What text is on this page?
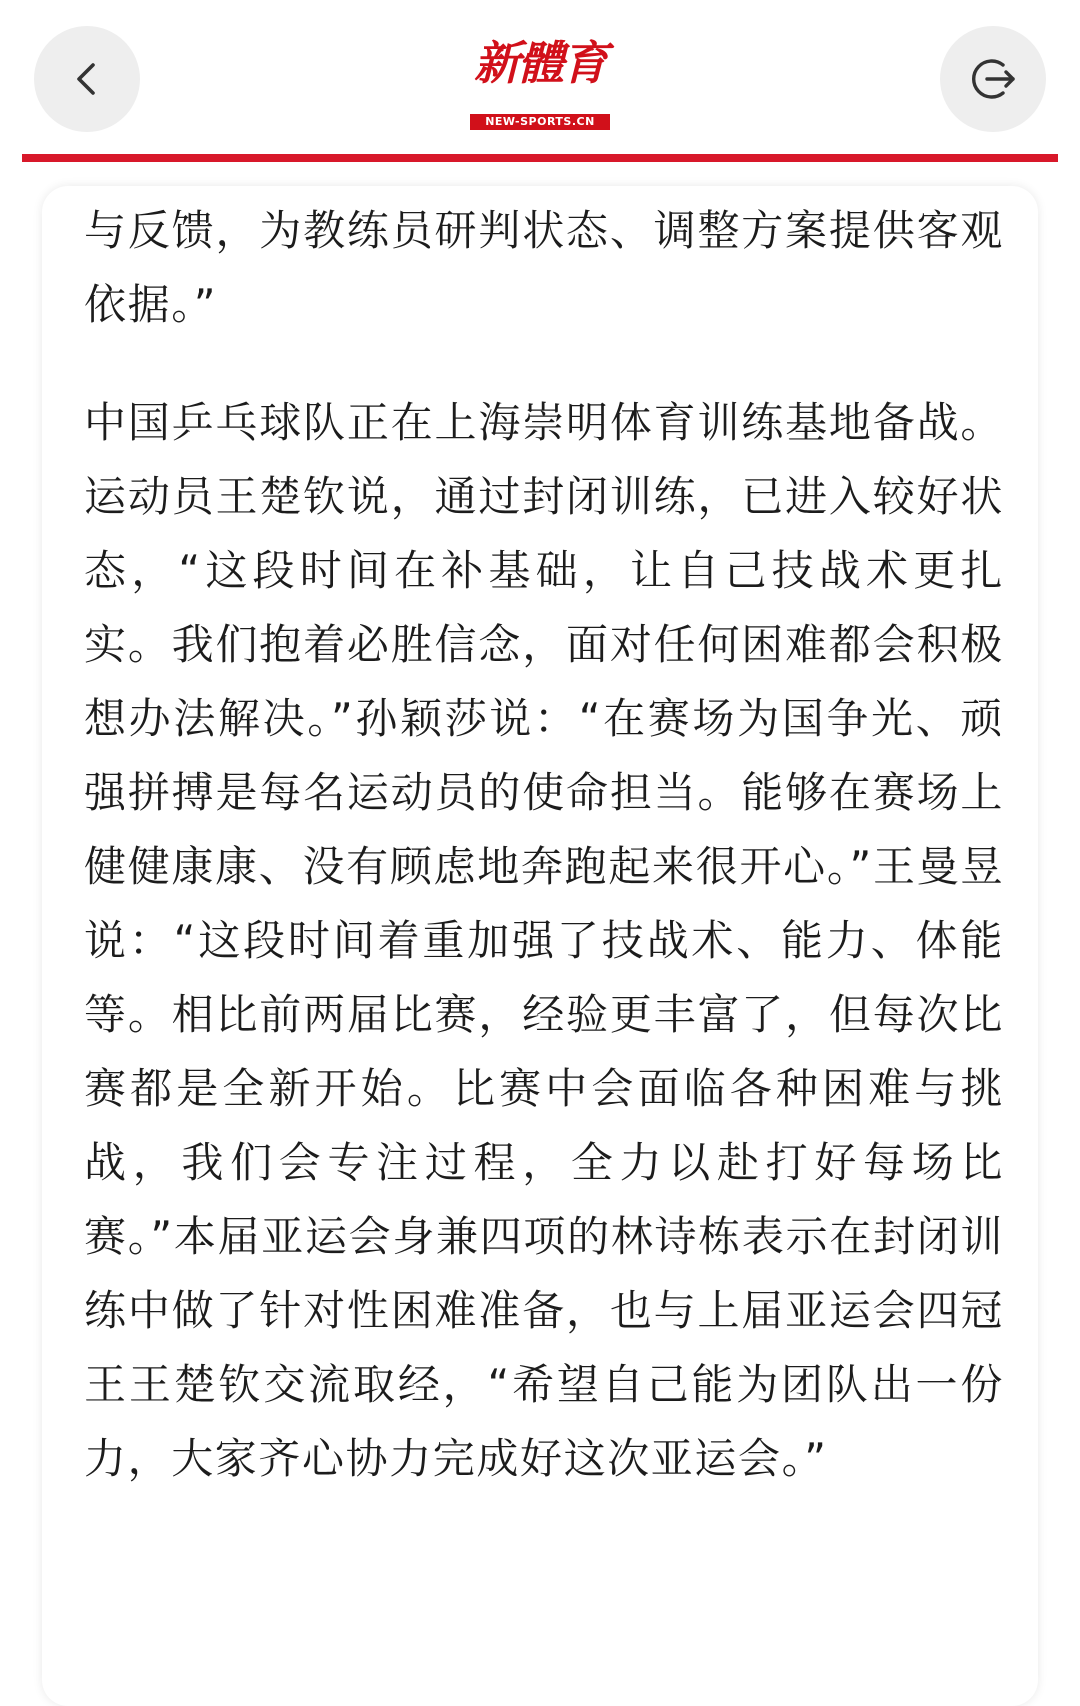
新體育
NEW-SPORTS.CN

与反馈，为教练员研判状态、调整方案提供客观依据。”

中国乒乓球队正在上海崇明体育训练基地备战。运动员王楚钦说，通过封闭训练，已进入较好状态，“这段时间在补基础，让自己技战术更扎实。我们抱着必胜信念，面对任何困难都会积极想办法解决。”孙颖莎说：“在赛场为国争光、顽强拼搏是每名运动员的使命担当。能够在赛场上健健康康、没有顾虑地奔跑起来很开心。”王曼昱说：“这段时间着重加强了技战术、能力、体能等。相比前两届比赛，经验更丰富了，但每次比赛都是全新开始。比赛中会面临各种困难与挑战，我们会专注过程，全力以赴打好每场比赛。”本届亚运会身兼四项的林诗栋表示在封闭训练中做了针对性困难准备，也与上届亚运会四冠王王楚钦交流取经，“希望自己能为团队出一份力，大家齐心协力完成好这次亚运会。”
